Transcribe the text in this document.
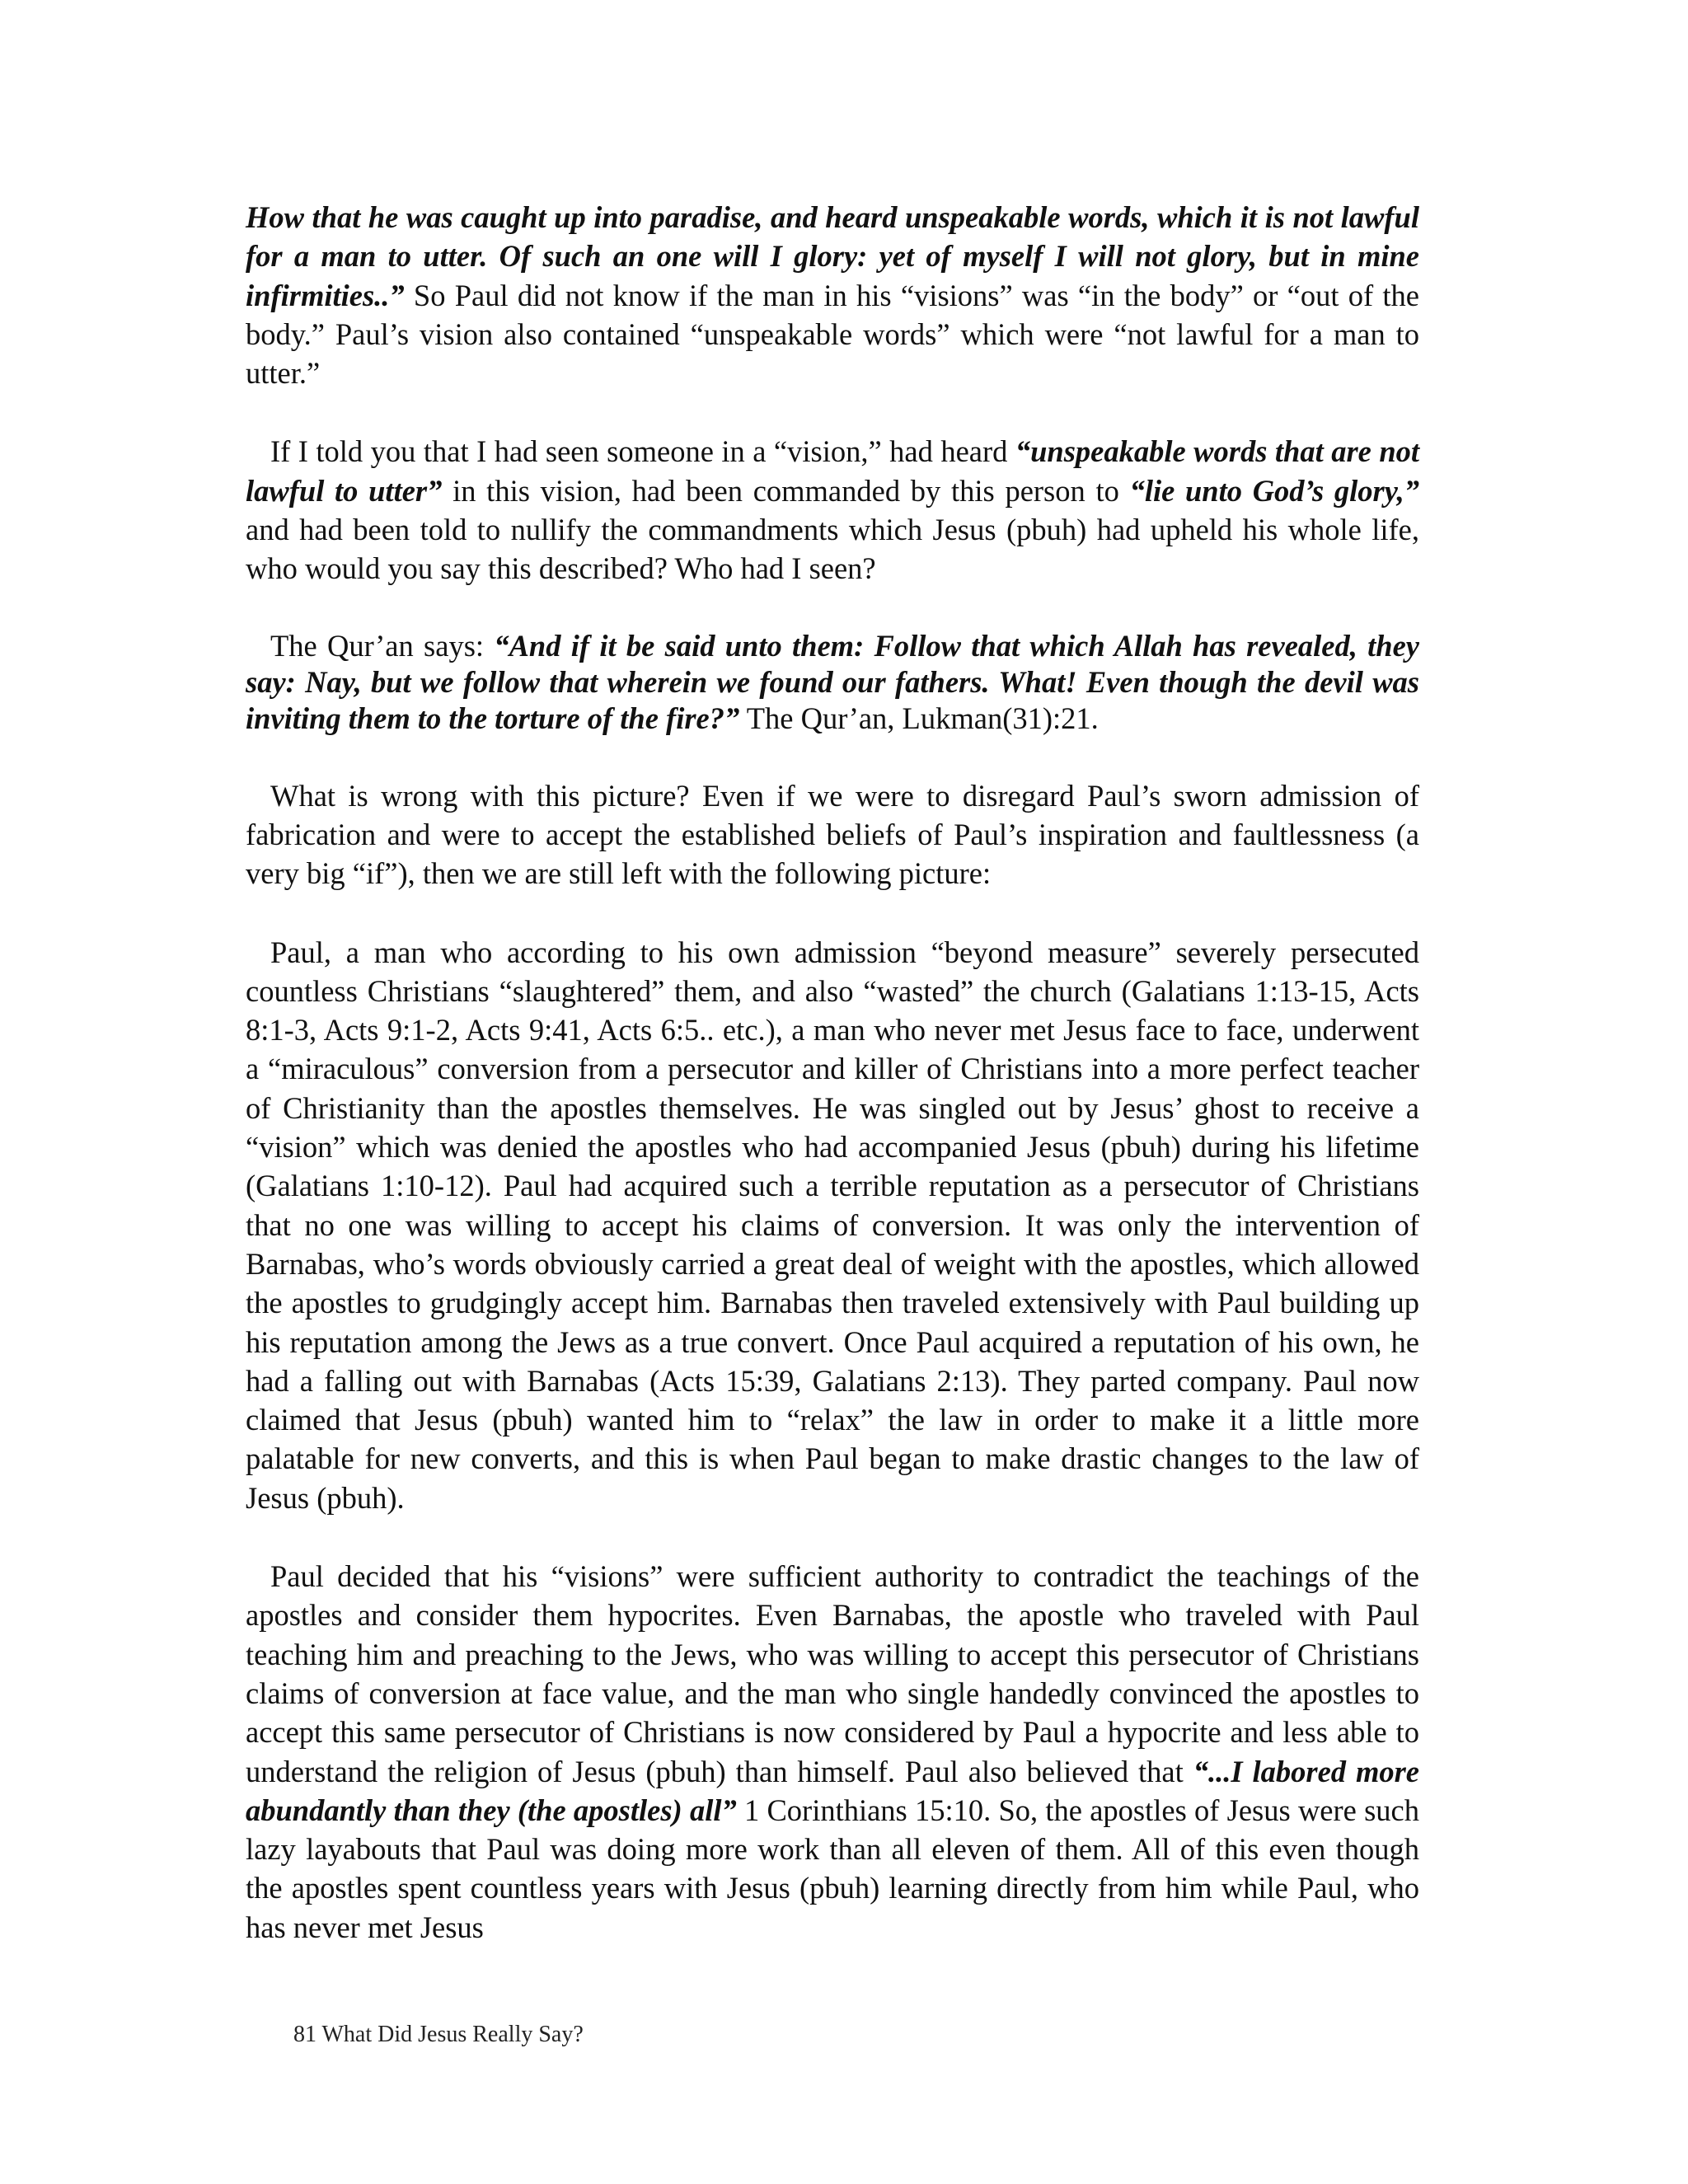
How that he was caught up into paradise, and heard unspeakable words, which it is not lawful for a man to utter. Of such an one will I glory: yet of myself I will not glory, but in mine infirmities..” So Paul did not know if the man in his “visions” was “in the body” or “out of the body.” Paul’s vision also contained “unspeakable words” which were “not lawful for a man to utter.”

If I told you that I had seen someone in a “vision,” had heard “unspeakable words that are not lawful to utter” in this vision, had been commanded by this person to “lie unto God’s glory,” and had been told to nullify the commandments which Jesus (pbuh) had upheld his whole life, who would you say this described? Who had I seen?

The Qur’an says: “And if it be said unto them: Follow that which Allah has revealed, they say: Nay, but we follow that wherein we found our fathers. What! Even though the devil was inviting them to the torture of the fire?” The Qur’an, Lukman(31):21.

What is wrong with this picture? Even if we were to disregard Paul’s sworn admission of fabrication and were to accept the established beliefs of Paul’s inspiration and faultlessness (a very big “if”), then we are still left with the following picture:

Paul, a man who according to his own admission “beyond measure” severely persecuted countless Christians “slaughtered” them, and also “wasted” the church (Galatians 1:13-15, Acts 8:1-3, Acts 9:1-2, Acts 9:41, Acts 6:5.. etc.), a man who never met Jesus face to face, underwent a “miraculous” conversion from a persecutor and killer of Christians into a more perfect teacher of Christianity than the apostles themselves. He was singled out by Jesus’ ghost to receive a “vision” which was denied the apostles who had accompanied Jesus (pbuh) during his lifetime (Galatians 1:10-12). Paul had acquired such a terrible reputation as a persecutor of Christians that no one was willing to accept his claims of conversion. It was only the intervention of Barnabas, who’s words obviously carried a great deal of weight with the apostles, which allowed the apostles to grudgingly accept him. Barnabas then traveled extensively with Paul building up his reputation among the Jews as a true convert. Once Paul acquired a reputation of his own, he had a falling out with Barnabas (Acts 15:39, Galatians 2:13). They parted company. Paul now claimed that Jesus (pbuh) wanted him to “relax” the law in order to make it a little more palatable for new converts, and this is when Paul began to make drastic changes to the law of Jesus (pbuh).

Paul decided that his “visions” were sufficient authority to contradict the teachings of the apostles and consider them hypocrites. Even Barnabas, the apostle who traveled with Paul teaching him and preaching to the Jews, who was willing to accept this persecutor of Christians claims of conversion at face value, and the man who single handedly convinced the apostles to accept this same persecutor of Christians is now considered by Paul a hypocrite and less able to understand the religion of Jesus (pbuh) than himself. Paul also believed that “...I labored more abundantly than they (the apostles) all” 1 Corinthians 15:10. So, the apostles of Jesus were such lazy layabouts that Paul was doing more work than all eleven of them. All of this even though the apostles spent countless years with Jesus (pbuh) learning directly from him while Paul, who has never met Jesus

81 What Did Jesus Really Say?
